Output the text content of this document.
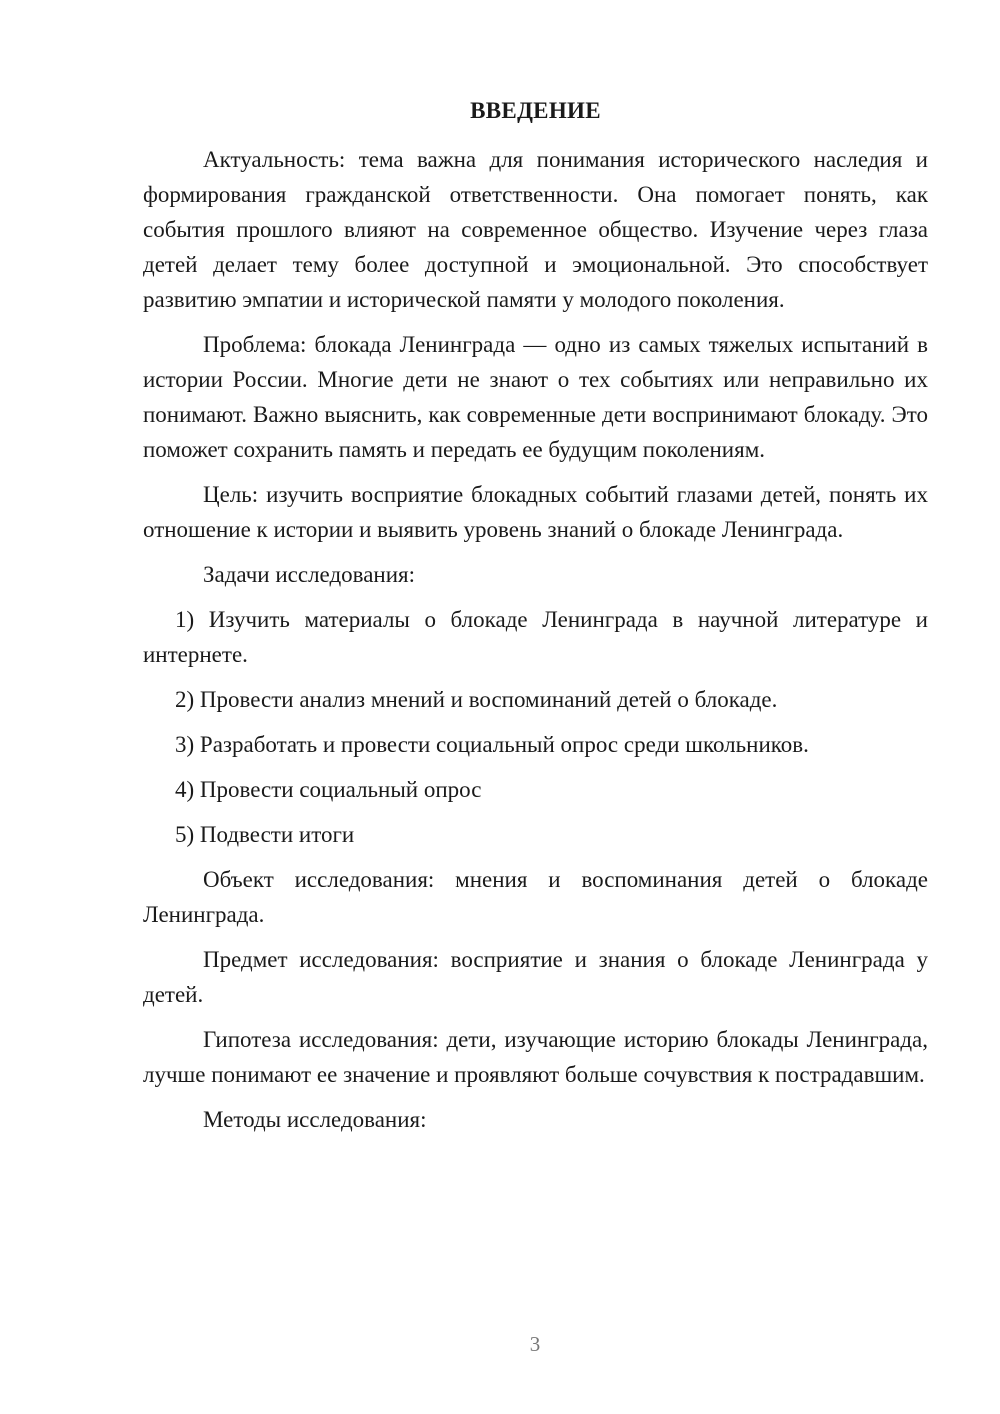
ВВЕДЕНИЕ

Актуальность: тема важна для понимания исторического наследия и формирования гражданской ответственности. Она помогает понять, как события прошлого влияют на современное общество. Изучение через глаза детей делает тему более доступной и эмоциональной. Это способствует развитию эмпатии и исторической памяти у молодого поколения.

Проблема: блокада Ленинграда — одно из самых тяжелых испытаний в истории России. Многие дети не знают о тех событиях или неправильно их понимают. Важно выяснить, как современные дети воспринимают блокаду. Это поможет сохранить память и передать ее будущим поколениям.

Цель: изучить восприятие блокадных событий глазами детей, понять их отношение к истории и выявить уровень знаний о блокаде Ленинграда.

Задачи исследования:

1) Изучить материалы о блокаде Ленинграда в научной литературе и интернете.

2) Провести анализ мнений и воспоминаний детей о блокаде.

3) Разработать и провести социальный опрос среди школьников.

4) Провести социальный опрос

5) Подвести итоги

Объект исследования: мнения и воспоминания детей о блокаде Ленинграда.

Предмет исследования: восприятие и знания о блокаде Ленинграда у детей.

Гипотеза исследования: дети, изучающие историю блокады Ленинграда, лучше понимают ее значение и проявляют больше сочувствия к пострадавшим.

Методы исследования:

3
